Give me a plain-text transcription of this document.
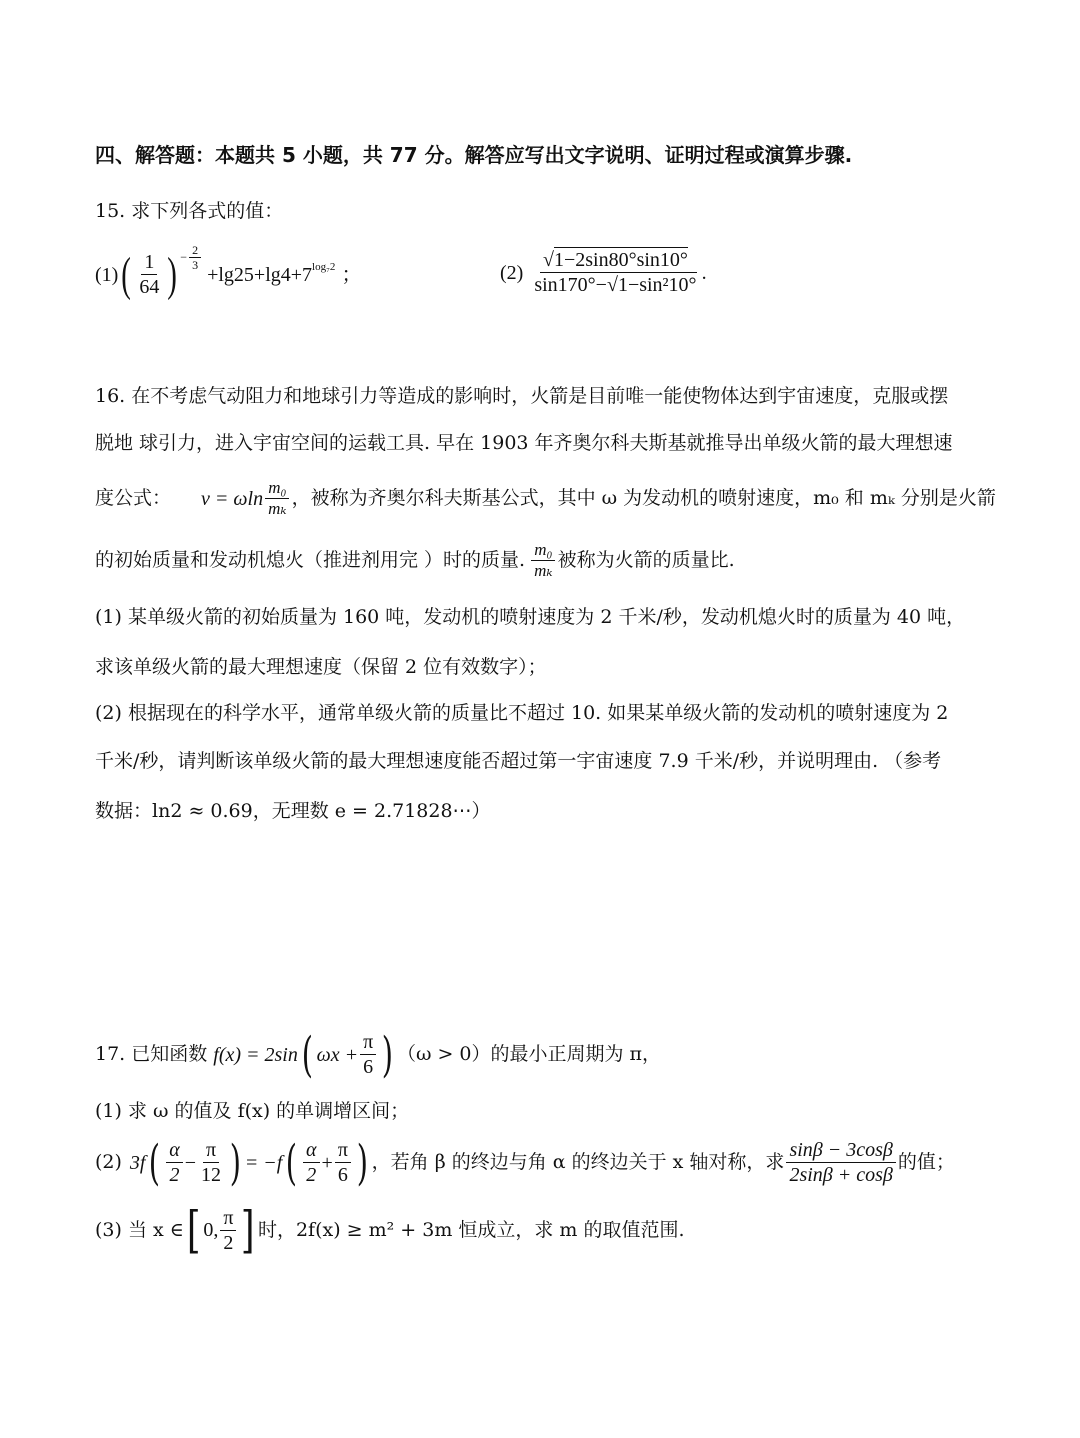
四、解答题：本题共 5 小题，共 77 分。解答应写出文字说明、证明过程或演算步骤.
15. 求下列各式的值：
(1) ( $\frac{1}{64}$ ) − $\frac{2}{3}$
+lg25+lg4+7 log₇2 ；	$(2) \frac{√1-2\sin 80^\circ\sin 10^\circ}{\text{sin170°−√1−sin²10°}}$ .
16. 在不考虑气动阻力和地球引力等造成的影响时，火箭是目前唯一能使物体达到宇宙速度，克服或摆
脱地 球引力，进入宇宙空间的运载工具. 早在 1903 年齐奥尔科夫斯基就推导出单级火箭的最大理想速
度公式： v = ωln $\frac{\text{m₀}}{\text{mₖ}}$ ，被称为齐奥尔科夫斯基公式，其中 ω 为发动机的喷射速度，m₀ 和 mₖ 分别是火箭
的初始质量和发动机熄火（推进剂用完 ）时的质量. $\frac{\text{m₀}}{\text{mₖ}}$ 被称为火箭的质量比.
(1) 某单级火箭的初始质量为 160 吨，发动机的喷射速度为 2 千米/秒，发动机熄火时的质量为 40 吨，
求该单级火箭的最大理想速度（保留 2 位有效数字）；
(2) 根据现在的科学水平，通常单级火箭的质量比不超过 10. 如果某单级火箭的发动机的喷射速度为 2
千米/秒，请判断该单级火箭的最大理想速度能否超过第一宇宙速度 7.9 千米/秒，并说明理由. （参考
数据：ln2 ≈ 0.69，无理数 e = 2.71828⋯）
17. 已知函数 f(x) = 2sin ( $\omega x + \frac{\pi}{6}$ ) （ω > 0）的最小正周期为 π，
(1) 求 ω 的值及 f(x) 的单调增区间；
(2) 3f ( $\frac{\alpha}{2} - \frac{\pi}{12}$ ) = −f ( $\frac{\alpha}{2} + \frac{\pi}{6}$ ) ，若角 β 的终边与角 α 的终边关于 x 轴对称，求 $\frac{\sin\beta - 3\cos\beta}{2\sin\beta + \cos\beta}$ 的值；
(3) 当 x ∈ [ 0, $\frac{\pi}{2}$ ] 时，2f(x) ≥ m² + 3m 恒成立，求 m 的取值范围.
